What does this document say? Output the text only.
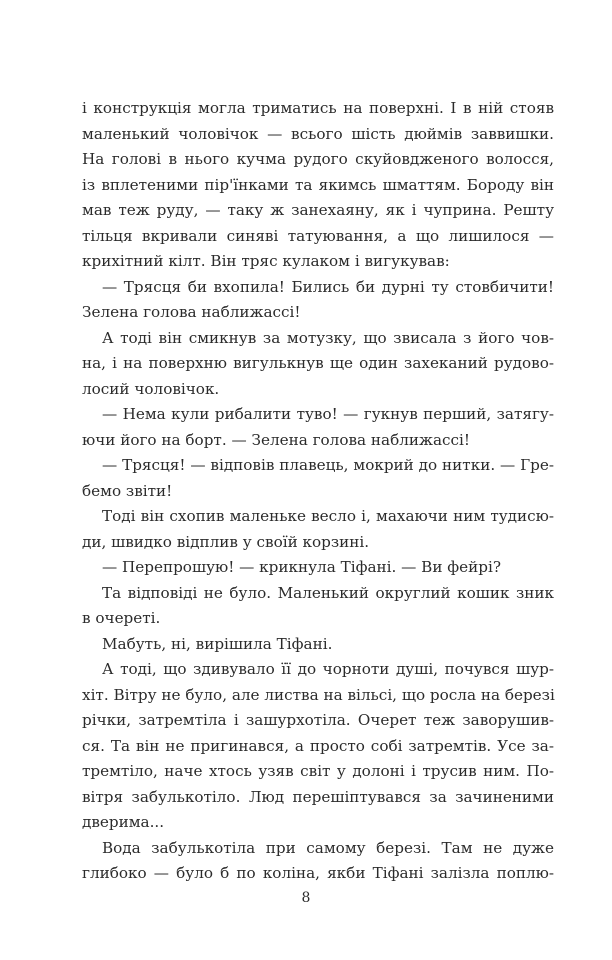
і конструкція могла триматись на поверхні. І в ній стояв
маленький чоловічок — всього шість дюймів заввишки.
На голові в нього кучма рудого скуйовдженого волосся,
із вплетеними пір'їнками та якимсь шматтям. Бороду він
мав теж руду, — таку ж занехаяну, як і чуприна. Решту
тільця вкривали синяві татуювання, а що лишилося —
крихітний кілт. Він тряс кулаком і вигукував:
— Трясця би вхопила! Бились би дурні ту стовбичити!
Зелена голова наближассі!
А тоді він смикнув за мотузку, що звисала з його чов-
на, і на поверхню вигулькнув ще один захеканий рудово-
лосий чоловічок.
— Нема кули рибалити туво! — гукнув перший, затягу-
ючи його на борт. — Зелена голова наближассі!
— Трясця! — відповів плавець, мокрий до нитки. — Гре-
бемо звіти!
Тоді він схопив маленьке весло і, махаючи ним тудисю-
ди, швидко відплив у своїй корзині.
— Перепрошую! — крикнула Тіфані. — Ви фейрі?
Та відповіді не було. Маленький округлий кошик зник
в очереті.
Мабуть, ні, вирішила Тіфані.
А тоді, що здивувало її до чорноти душі, почувся шур-
хіт. Вітру не було, але листва на вільсі, що росла на березі
річки, затремтіла і зашурхотіла. Очерет теж заворушив-
ся. Та він не пригинався, а просто собі затремтів. Усе за-
тремтіло, наче хтось узяв світ у долоні і трусив ним. По-
вітря забулькотіло. Люд перешіптувався за зачиненими
дверима...
Вода забулькотіла при самому березі. Там не дуже
глибоко — було б по коліна, якби Тіфані залізла поплю-
8
